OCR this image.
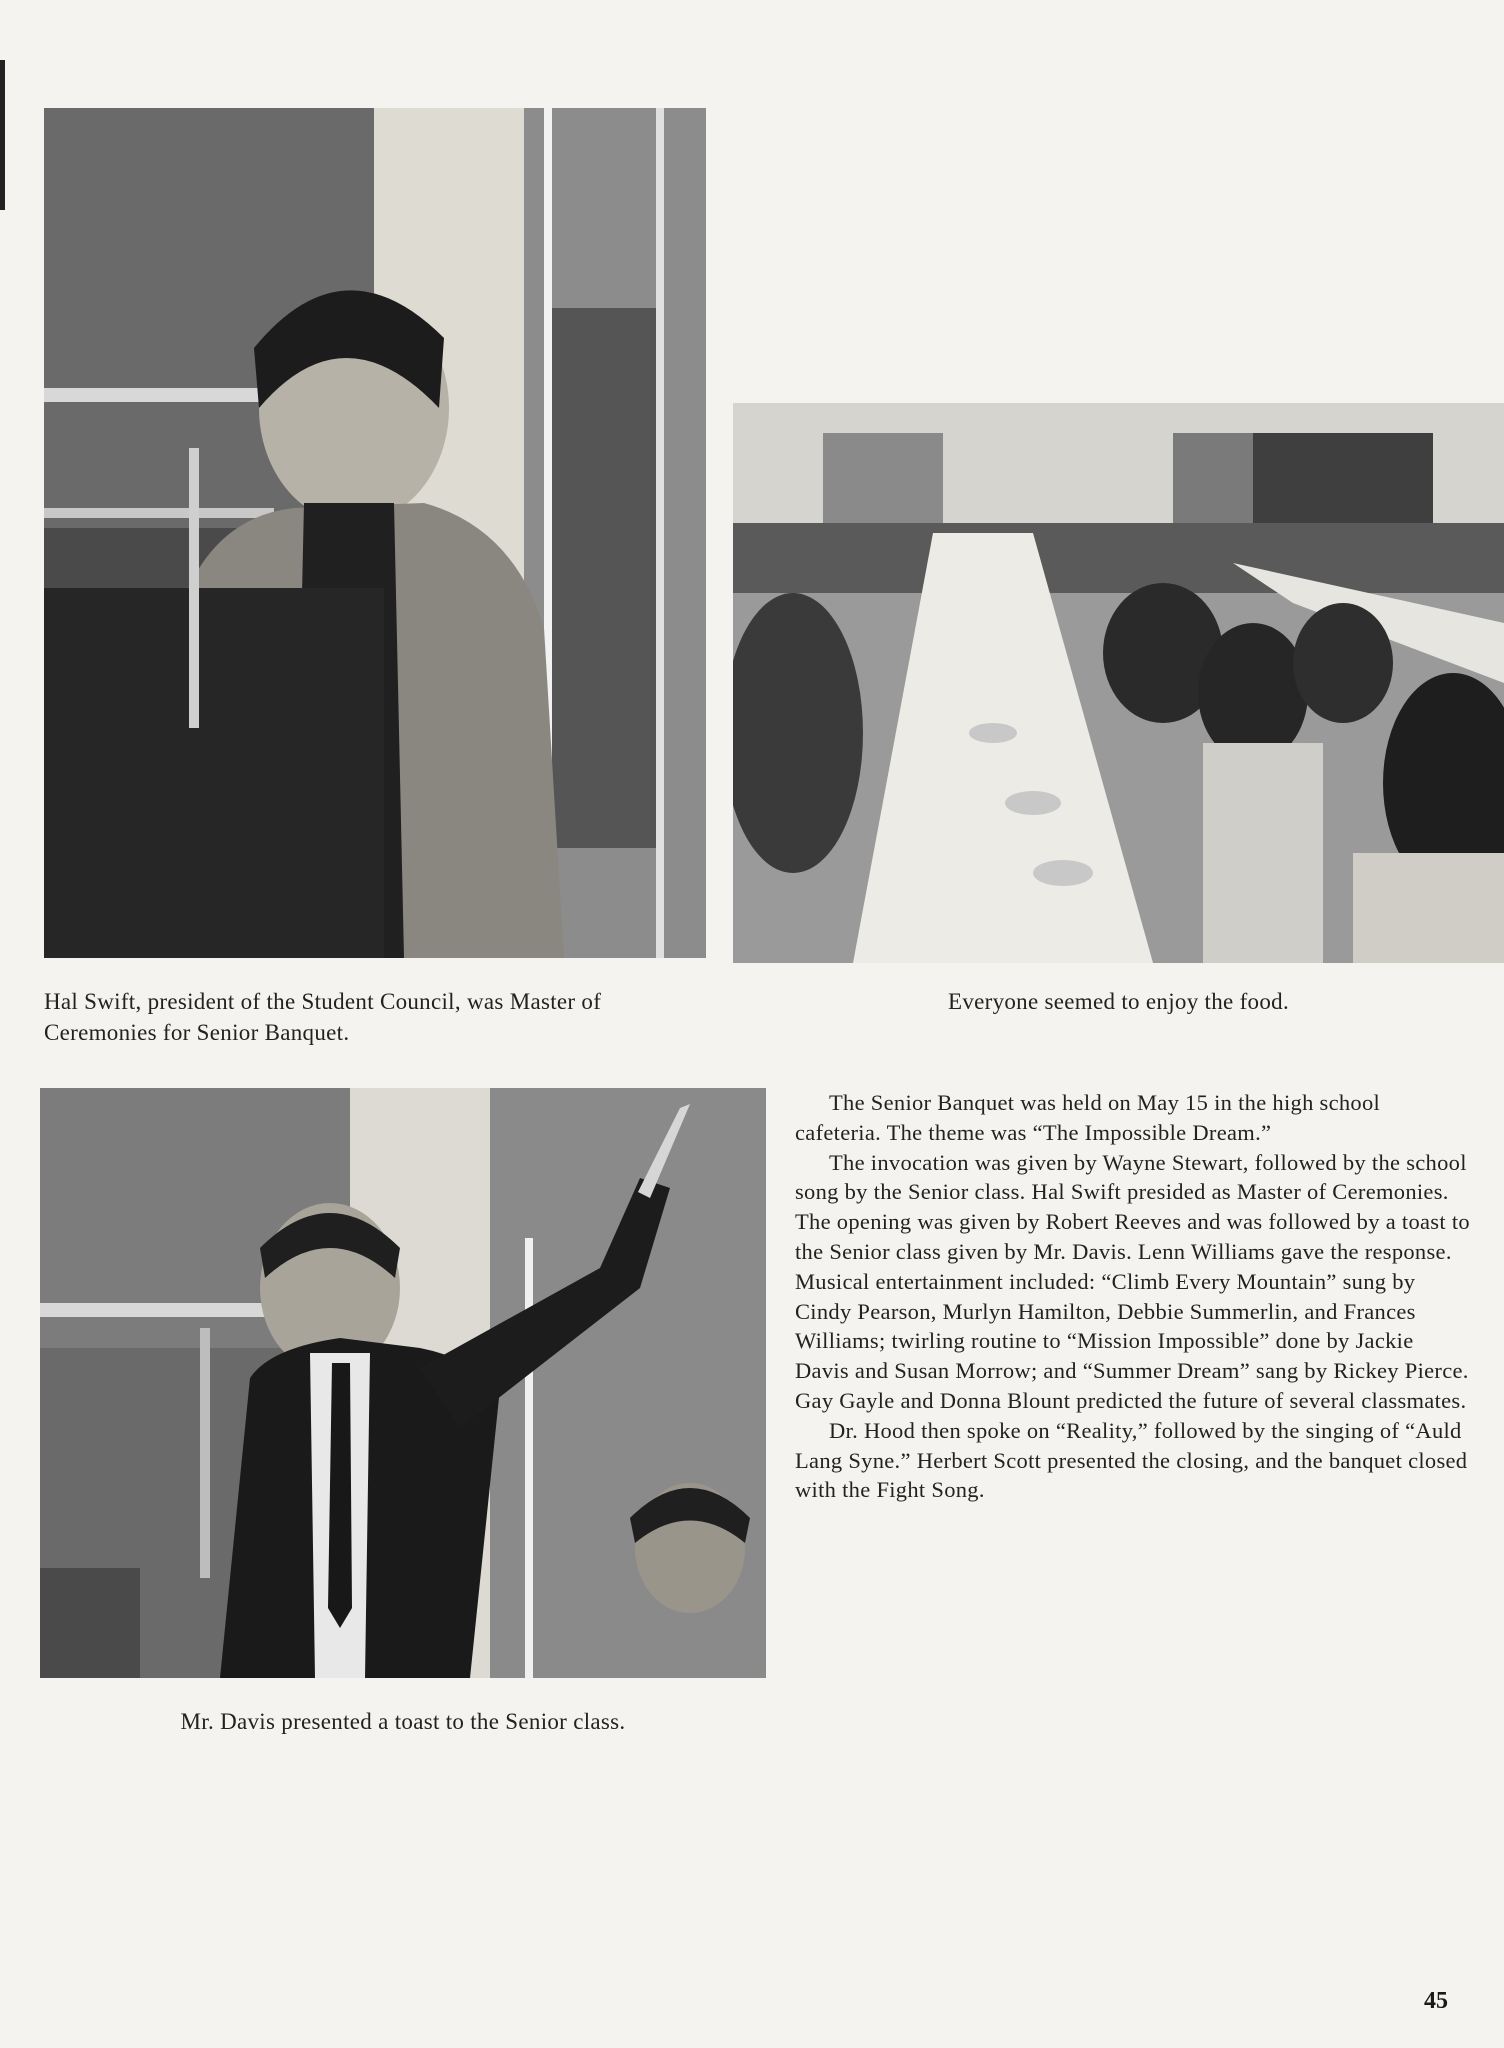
Hal Swift, president of the Student Council, was Master of Ceremonies for Senior Banquet.

Everyone seemed to enjoy the food.

Mr. Davis presented a toast to the Senior class.

The Senior Banquet was held on May 15 in the high school cafeteria. The theme was “The Impossible Dream.”

The invocation was given by Wayne Stewart, followed by the school song by the Senior class. Hal Swift presided as Master of Ceremonies. The opening was given by Robert Reeves and was followed by a toast to the Senior class given by Mr. Davis. Lenn Williams gave the response. Musical entertainment included: “Climb Every Mountain” sung by Cindy Pearson, Murlyn Hamilton, Debbie Summerlin, and Frances Williams; twirling routine to “Mission Impossible” done by Jackie Davis and Susan Morrow; and “Summer Dream” sang by Rickey Pierce. Gay Gayle and Donna Blount predicted the future of several classmates.

Dr. Hood then spoke on “Reality,” followed by the singing of “Auld Lang Syne.” Herbert Scott presented the closing, and the banquet closed with the Fight Song.

45
